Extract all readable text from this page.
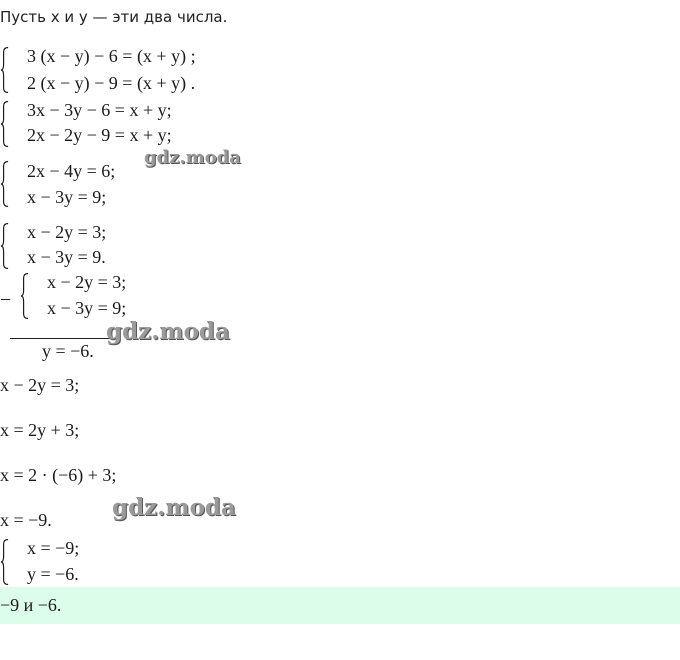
Пусть x и y — эти два числа.
3 (x − y) − 6 = (x + y) ;
2 (x − y) − 9 = (x + y) .
3x − 3y − 6 = x + y;
2x − 2y − 9 = x + y;
2x − 4y = 6;
x − 3y = 9;
x − 2y = 3;
x − 3y = 9.
−
x − 2y = 3;
x − 3y = 9;
y = −6.
x − 2y = 3;
x = 2y + 3;
x = 2 · (−6) + 3;
x = −9.
x = −9;
y = −6.
−9 и −6.
gdz.moda
gdz.moda
gdz.moda
